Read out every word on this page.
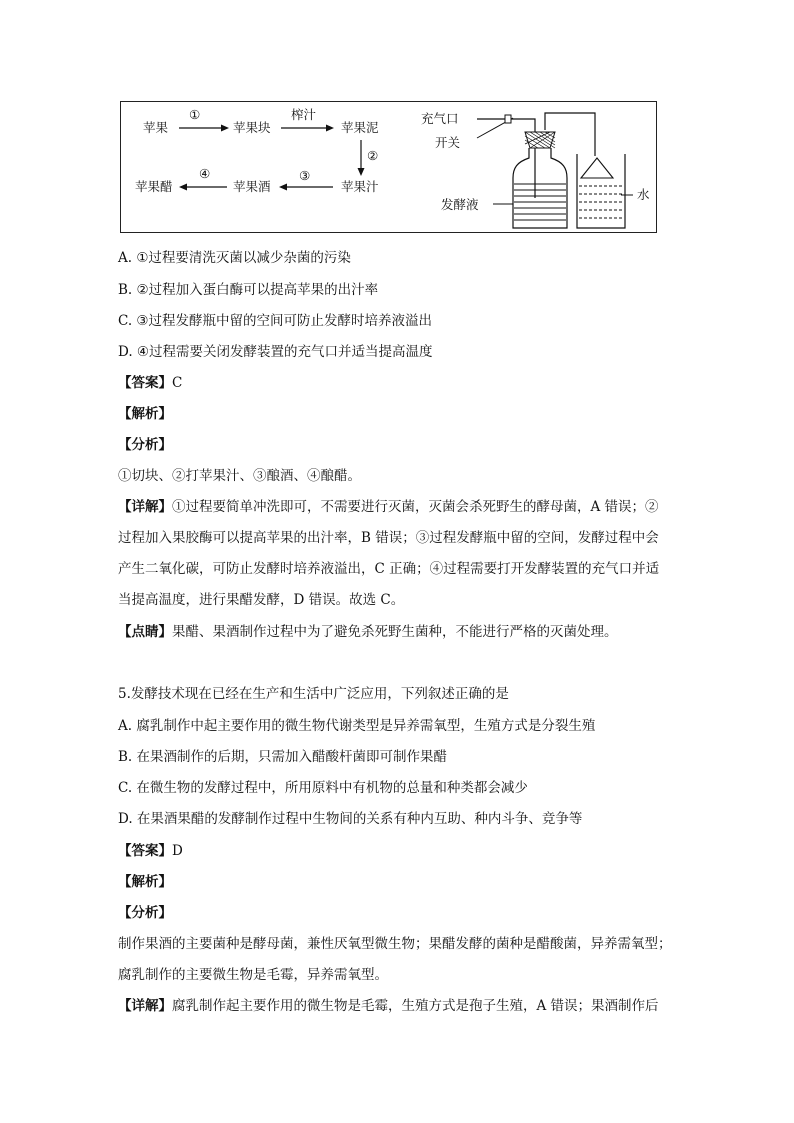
苹果
①
苹果块
榨汁
苹果泥
②
苹果汁
③
苹果酒
④
苹果醋
充气口
开关
发酵液
水
A. ①过程要清洗灭菌以减少杂菌的污染
B. ②过程加入蛋白酶可以提高苹果的出汁率
C. ③过程发酵瓶中留的空间可防止发酵时培养液溢出
D. ④过程需要关闭发酵装置的充气口并适当提高温度
【答案】C
【解析】
【分析】
①切块、②打苹果汁、③酿酒、④酿醋。
【详解】①过程要简单冲洗即可，不需要进行灭菌，灭菌会杀死野生的酵母菌，A 错误；②
过程加入果胶酶可以提高苹果的出汁率，B 错误；③过程发酵瓶中留的空间，发酵过程中会
产生二氧化碳，可防止发酵时培养液溢出，C 正确；④过程需要打开发酵装置的充气口并适
当提高温度，进行果醋发酵，D 错误。故选 C。
【点睛】果醋、果酒制作过程中为了避免杀死野生菌种，不能进行严格的灭菌处理。
5.发酵技术现在已经在生产和生活中广泛应用，下列叙述正确的是
A. 腐乳制作中起主要作用的微生物代谢类型是异养需氧型，生殖方式是分裂生殖
B. 在果酒制作的后期，只需加入醋酸杆菌即可制作果醋
C. 在微生物的发酵过程中，所用原料中有机物的总量和种类都会减少
D. 在果酒果醋的发酵制作过程中生物间的关系有种内互助、种内斗争、竞争等
【答案】D
【解析】
【分析】
制作果酒的主要菌种是酵母菌，兼性厌氧型微生物；果醋发酵的菌种是醋酸菌，异养需氧型；
腐乳制作的主要微生物是毛霉，异养需氧型。
【详解】腐乳制作起主要作用的微生物是毛霉，生殖方式是孢子生殖，A 错误；果酒制作后
